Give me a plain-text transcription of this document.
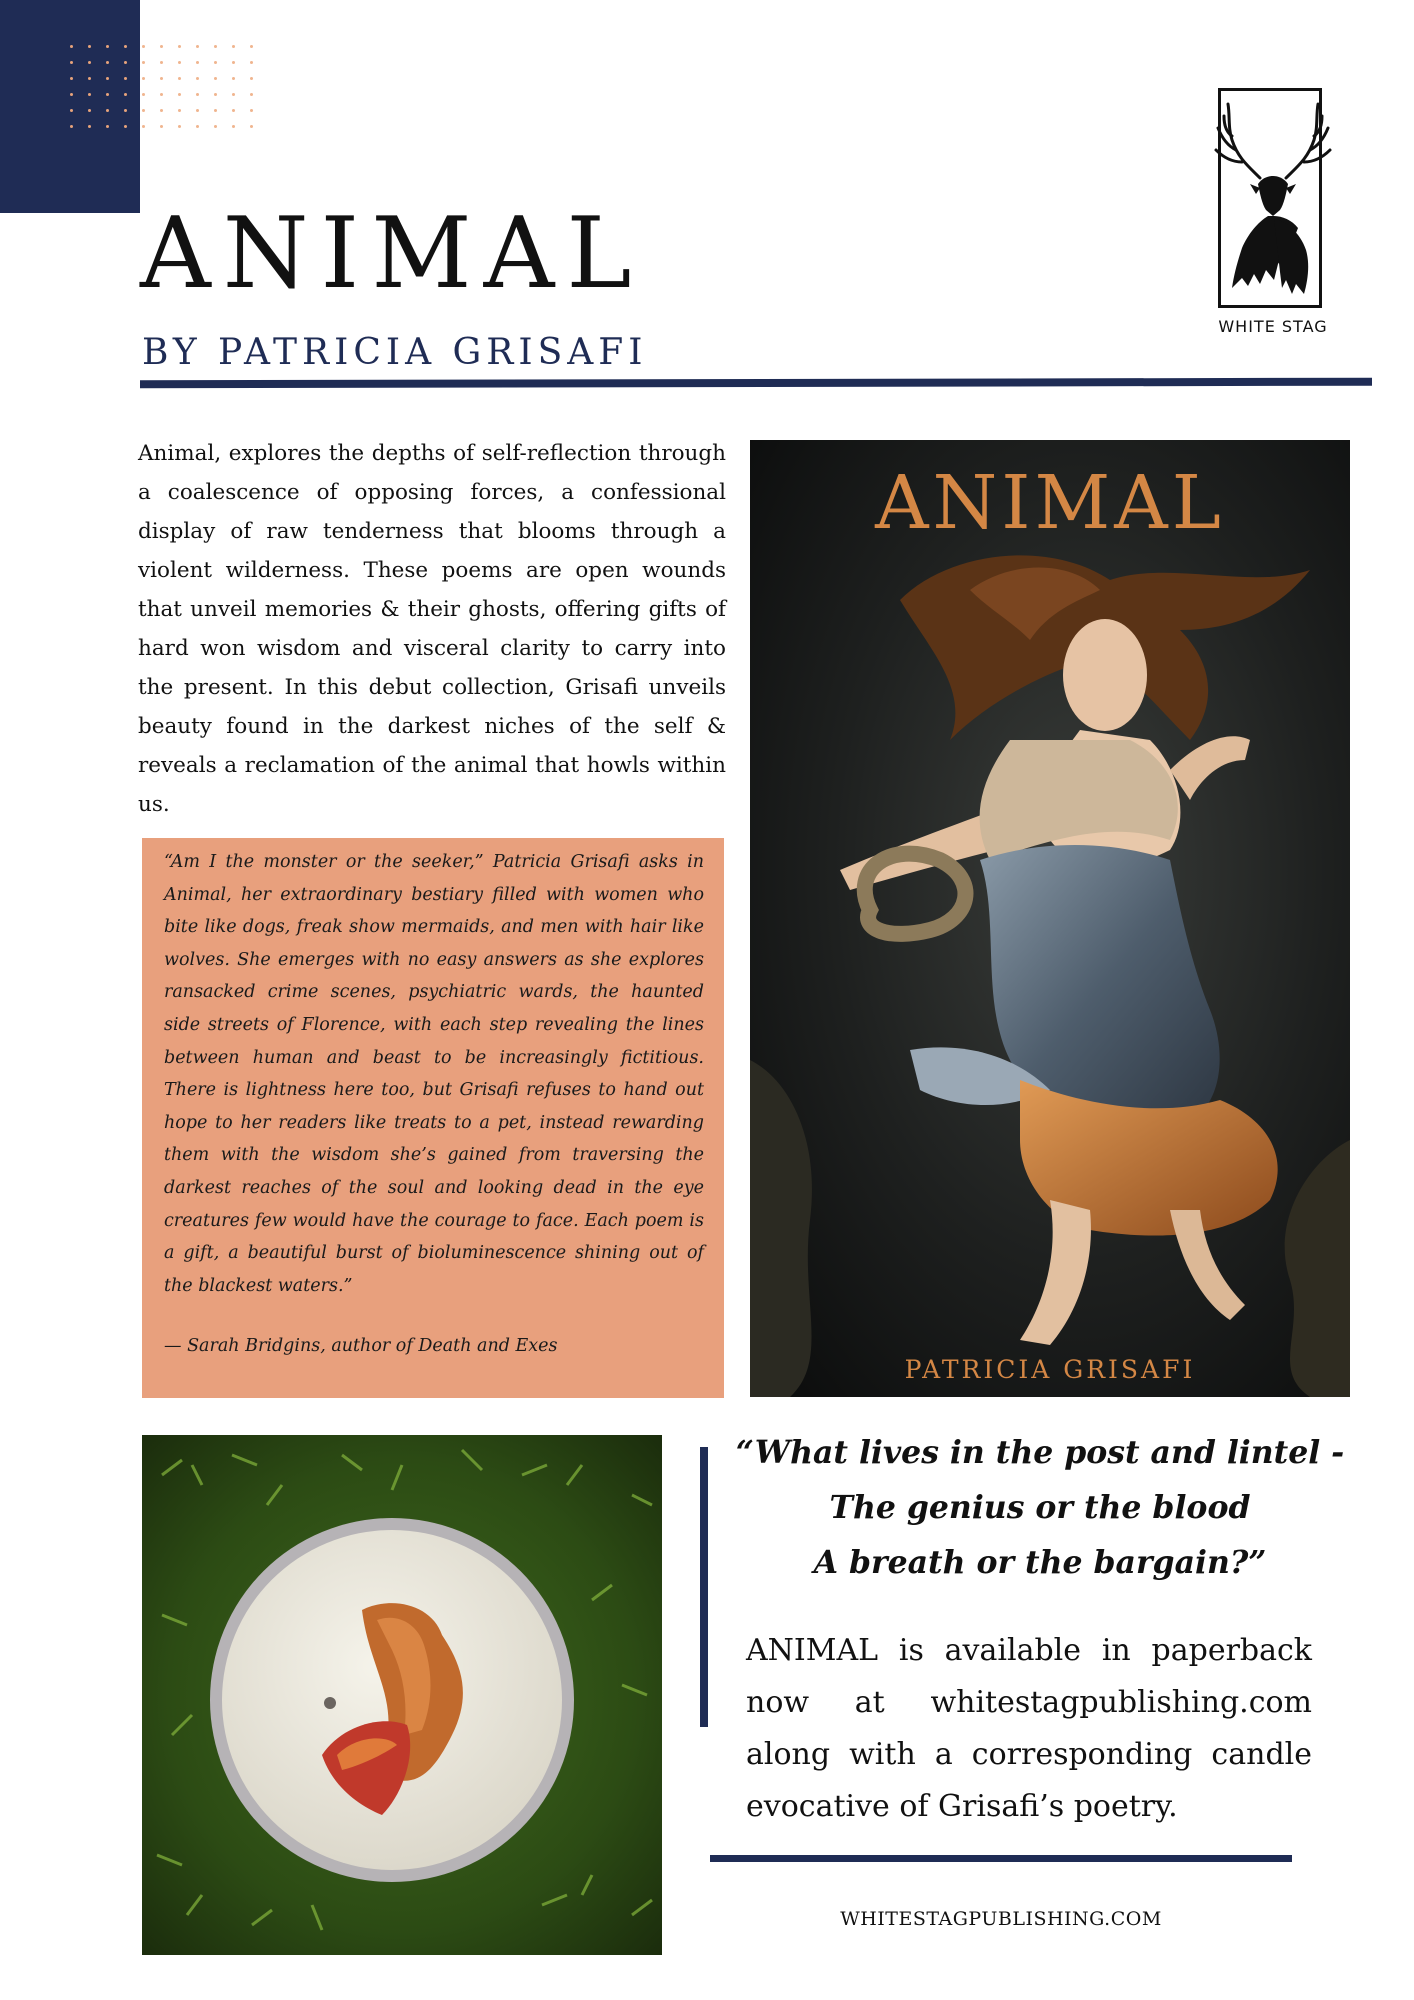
ANIMAL
BY PATRICIA GRISAFI
WHITE STAG

Animal, explores the depths of self-reflection through a coalescence of opposing forces, a confessional display of raw tenderness that blooms through a violent wilderness. These poems are open wounds that unveil memories & their ghosts, offering gifts of hard won wisdom and visceral clarity to carry into the present. In this debut collection, Grisafi unveils beauty found in the darkest niches of the self & reveals a reclamation of the animal that howls within us.

“Am I the monster or the seeker,” Patricia Grisafi asks in Animal, her extraordinary bestiary filled with women who bite like dogs, freak show mermaids, and men with hair like wolves. She emerges with no easy answers as she explores ransacked crime scenes, psychiatric wards, the haunted side streets of Florence, with each step revealing the lines between human and beast to be increasingly fictitious. There is lightness here too, but Grisafi refuses to hand out hope to her readers like treats to a pet, instead rewarding them with the wisdom she’s gained from traversing the darkest reaches of the soul and looking dead in the eye creatures few would have the courage to face. Each poem is a gift, a beautiful burst of bioluminescence shining out of the blackest waters.”

— Sarah Bridgins, author of Death and Exes
ANIMAL
PATRICIA GRISAFI
“What lives in the post and lintel -
The genius or the blood
A breath or the bargain?”

ANIMAL is available in paperback now at whitestagpublishing.com along with a corresponding candle evocative of Grisafi’s poetry.

WHITESTAGPUBLISHING.COM
